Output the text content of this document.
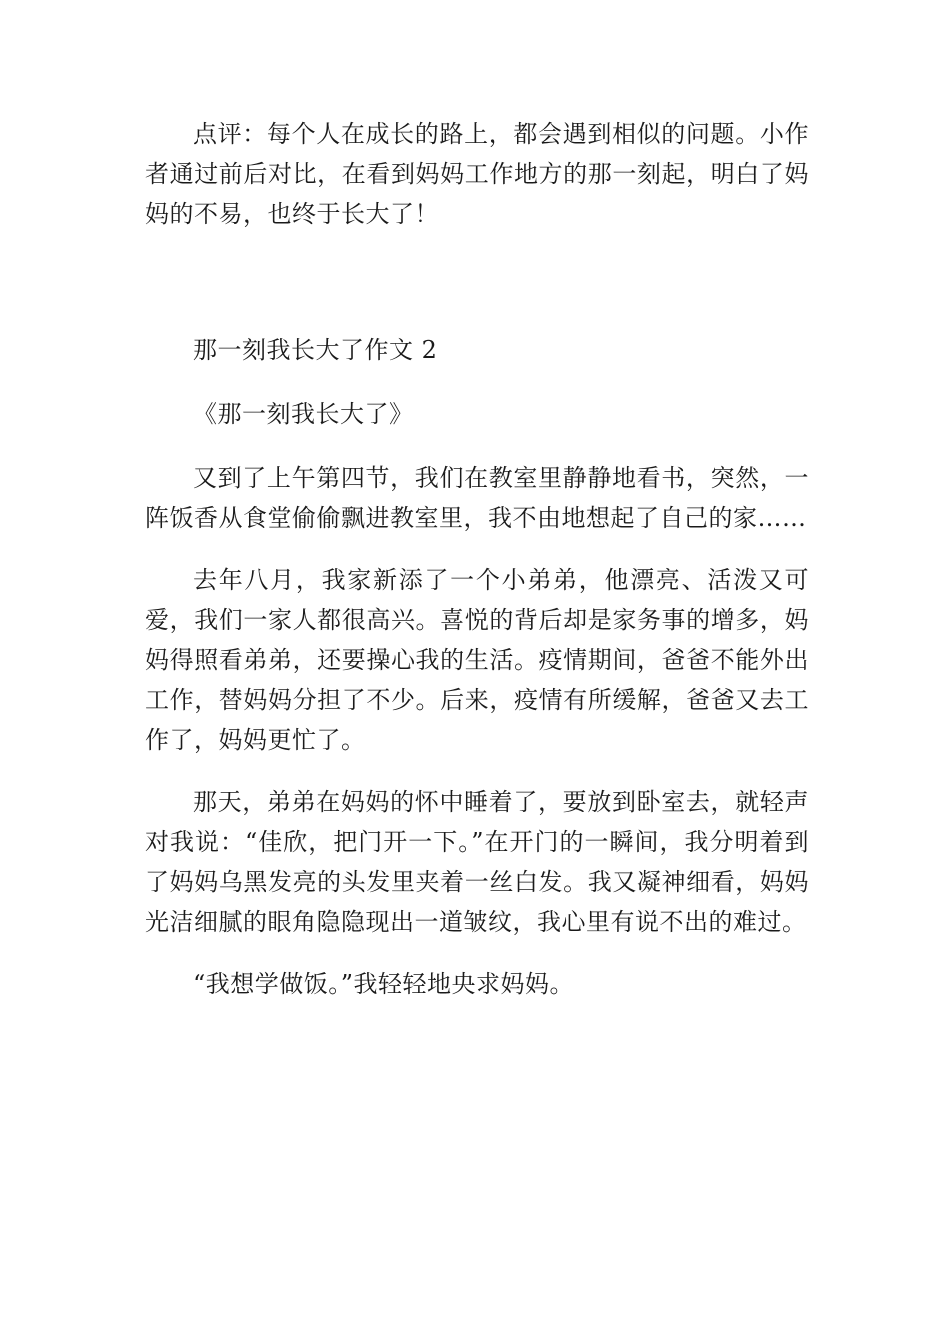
点评：每个人在成长的路上，都会遇到相似的问题。小作者通过前后对比，在看到妈妈工作地方的那一刻起，明白了妈妈的不易，也终于长大了！

那一刻我长大了作文 2

《那一刻我长大了》

又到了上午第四节，我们在教室里静静地看书，突然，一阵饭香从食堂偷偷飘进教室里，我不由地想起了自己的家……

去年八月，我家新添了一个小弟弟，他漂亮、活泼又可爱，我们一家人都很高兴。喜悦的背后却是家务事的增多，妈妈得照看弟弟，还要操心我的生活。疫情期间，爸爸不能外出工作，替妈妈分担了不少。后来，疫情有所缓解，爸爸又去工作了，妈妈更忙了。

那天，弟弟在妈妈的怀中睡着了，要放到卧室去，就轻声对我说：“佳欣，把门开一下。”在开门的一瞬间，我分明着到了妈妈乌黑发亮的头发里夹着一丝白发。我又凝神细看，妈妈光洁细腻的眼角隐隐现出一道皱纹，我心里有说不出的难过。

“我想学做饭。”我轻轻地央求妈妈。
